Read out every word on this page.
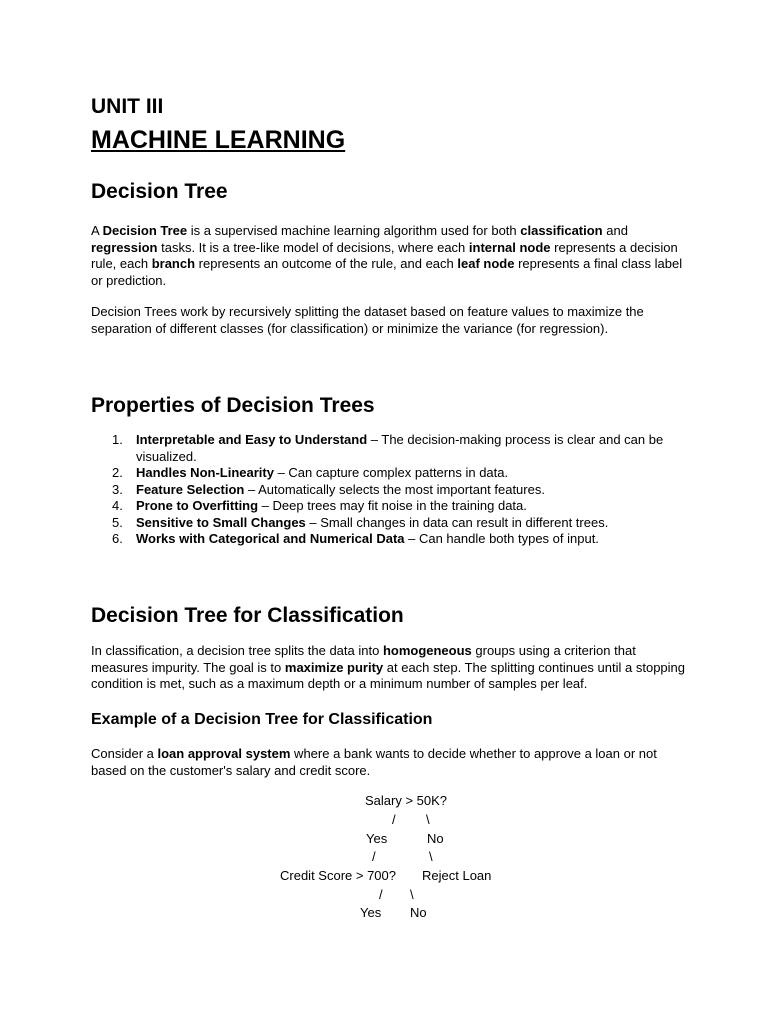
UNIT III
MACHINE LEARNING
Decision Tree

A Decision Tree is a supervised machine learning algorithm used for both classification and regression tasks. It is a tree-like model of decisions, where each internal node represents a decision rule, each branch represents an outcome of the rule, and each leaf node represents a final class label or prediction.

Decision Trees work by recursively splitting the dataset based on feature values to maximize the separation of different classes (for classification) or minimize the variance (for regression).

Properties of Decision Trees
1. Interpretable and Easy to Understand – The decision-making process is clear and can be visualized.
2. Handles Non-Linearity – Can capture complex patterns in data.
3. Feature Selection – Automatically selects the most important features.
4. Prone to Overfitting – Deep trees may fit noise in the training data.
5. Sensitive to Small Changes – Small changes in data can result in different trees.
6. Works with Categorical and Numerical Data – Can handle both types of input.
Decision Tree for Classification

In classification, a decision tree splits the data into homogeneous groups using a criterion that measures impurity. The goal is to maximize purity at each step. The splitting continues until a stopping condition is met, such as a maximum depth or a minimum number of samples per leaf.

Example of a Decision Tree for Classification

Consider a loan approval system where a bank wants to decide whether to approve a loan or not based on the customer's salary and credit score.

Salary > 50K?
/ \
Yes	No
/	\
Credit Score > 700? Reject Loan
/ \
Yes No
